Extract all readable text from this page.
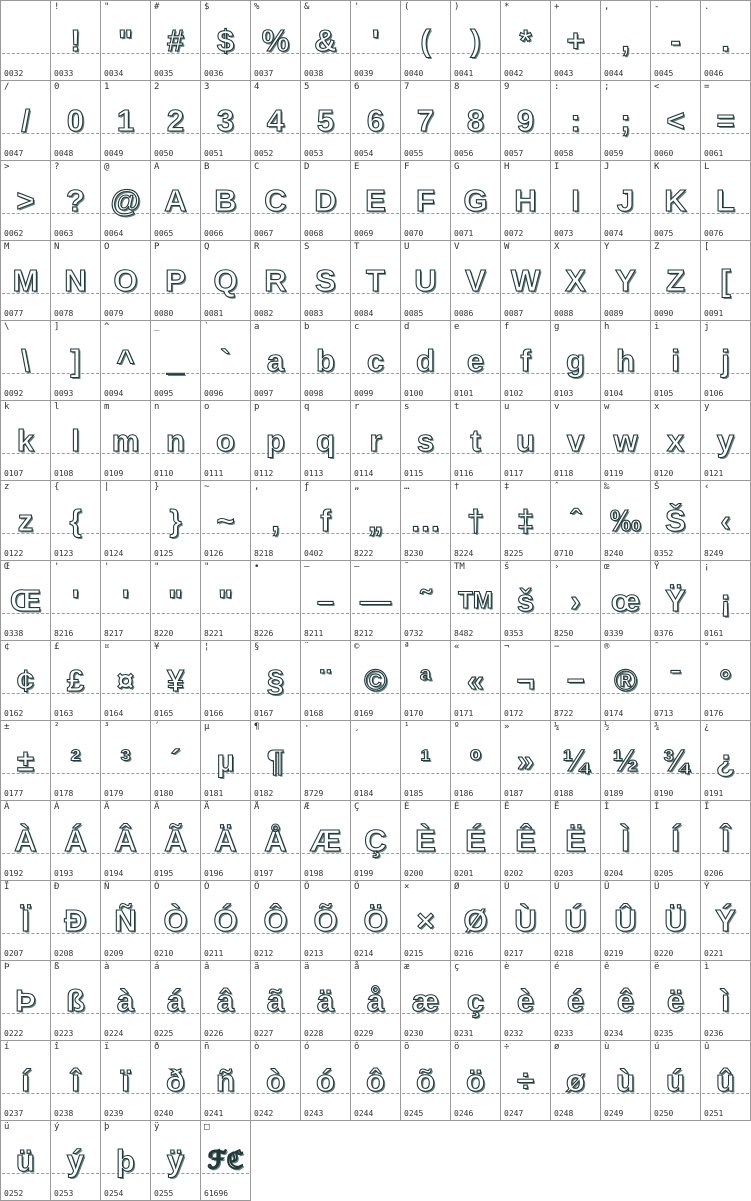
0032
!
!
0033
"
"
0034
#
#
0035
$
$
0036
%
%
0037
&
&
0038
'
'
0039
(
(
0040
)
)
0041
*
*
0042
+
+
0043
,
,
0044
-
-
0045
.
.
0046
/
/
0047
0
0
0048
1
1
0049
2
2
0050
3
3
0051
4
4
0052
5
5
0053
6
6
0054
7
7
0055
8
8
0056
9
9
0057
:
:
0058
;
;
0059
<
<
0060
=
=
0061
>
>
0062
?
?
0063
@
@
0064
A
A
0065
B
B
0066
C
C
0067
D
D
0068
E
E
0069
F
F
0070
G
G
0071
H
H
0072
I
I
0073
J
J
0074
K
K
0075
L
L
0076
M
M
0077
N
N
0078
O
O
0079
P
P
0080
Q
Q
0081
R
R
0082
S
S
0083
T
T
0084
U
U
0085
V
V
0086
W
W
0087
X
X
0088
Y
Y
0089
Z
Z
0090
[
[
0091
\
\
0092
]
]
0093
^
^
0094
_
_
0095
`
`
0096
a
a
0097
b
b
0098
c
c
0099
d
d
0100
e
e
0101
f
f
0102
g
g
0103
h
h
0104
i
i
0105
j
j
0106
k
k
0107
l
l
0108
m
m
0109
n
n
0110
o
o
0111
p
p
0112
q
q
0113
r
r
0114
s
s
0115
t
t
0116
u
u
0117
v
v
0118
w
w
0119
x
x
0120
y
y
0121
z
z
0122
{
{
0123
|
0124
}
}
0125
~
~
0126
,
,
8218
ƒ
f
0402
„
„
8222
…
…
8230
†
†
8224
‡
‡
8225
ˆ
ˆ
0710
‰
‰
8240
Š
Š
0352
‹
‹
8249
Œ
Œ
0338
'
'
8216
'
'
8217
"
"
8220
"
"
8221
•
8226
–
–
8211
—
—
8212
˜
˜
0732
TM
TM
8482
š
š
0353
›
›
8250
œ
œ
0339
Ÿ
Ÿ
0376
¡
¡
0161
¢
¢
0162
£
£
0163
¤
¤
0164
¥
¥
0165
¦
0166
§
§
0167
¨
¨
0168
©
©
0169
ª
ª
0170
«
«
0171
¬
¬
0172
−
−
8722
®
®
0174
ˉ
ˉ
0713
°
°
0176
±
±
0177
²
²
0178
³
³
0179
´
´
0180
µ
µ
0181
¶
¶
0182
·
8729
¸
0184
¹
¹
0185
º
º
0186
»
»
0187
¼
¼
0188
½
½
0189
¾
¾
0190
¿
¿
0191
À
À
0192
Á
Á
0193
Â
Â
0194
Ã
Ã
0195
Ä
Ä
0196
Å
Å
0197
Æ
Æ
0198
Ç
Ç
0199
È
È
0200
É
É
0201
Ê
Ê
0202
Ë
Ë
0203
Ì
Ì
0204
Í
Í
0205
Î
Î
0206
Ï
Ï
0207
Ð
Ð
0208
Ñ
Ñ
0209
Ò
Ò
0210
Ó
Ó
0211
Ô
Ô
0212
Õ
Õ
0213
Ö
Ö
0214
×
×
0215
Ø
Ø
0216
Ù
Ù
0217
Ú
Ú
0218
Û
Û
0219
Ü
Ü
0220
Ý
Ý
0221
Þ
Þ
0222
ß
ß
0223
à
à
0224
á
á
0225
â
â
0226
ã
ã
0227
ä
ä
0228
å
å
0229
æ
æ
0230
ç
ç
0231
è
è
0232
é
é
0233
ê
ê
0234
ë
ë
0235
ì
ì
0236
í
í
0237
î
î
0238
ï
ï
0239
ð
ð
0240
ñ
ñ
0241
ò
ò
0242
ó
ó
0243
ô
ô
0244
õ
õ
0245
ö
ö
0246
÷
÷
0247
ø
ø
0248
ù
ù
0249
ú
ú
0250
û
û
0251
ü
ü
0252
ý
ý
0253
þ
þ
0254
ÿ
ÿ
0255
□
ℱℭ
61696
